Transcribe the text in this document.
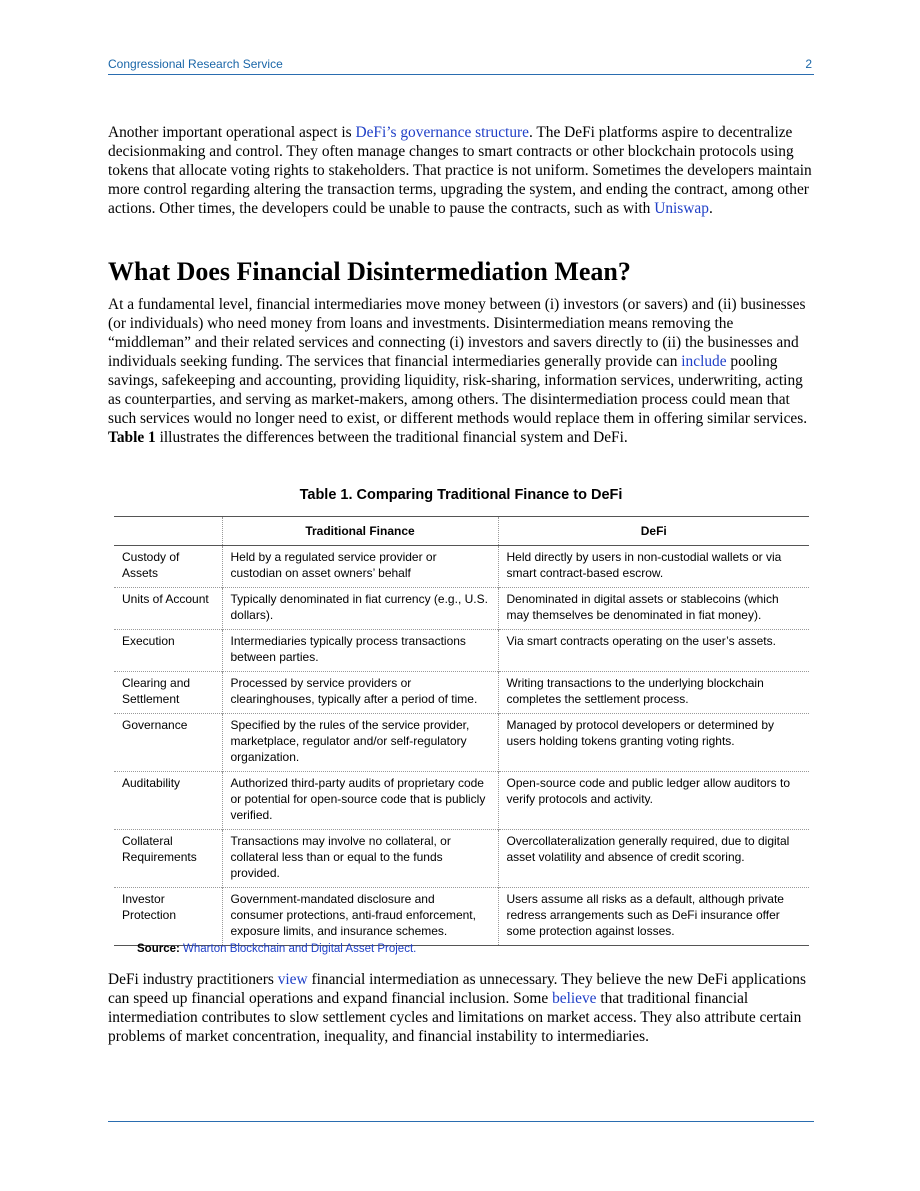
Congressional Research Service	2
Another important operational aspect is DeFi’s governance structure. The DeFi platforms aspire to decentralize decisionmaking and control. They often manage changes to smart contracts or other blockchain protocols using tokens that allocate voting rights to stakeholders. That practice is not uniform. Sometimes the developers maintain more control regarding altering the transaction terms, upgrading the system, and ending the contract, among other actions. Other times, the developers could be unable to pause the contracts, such as with Uniswap.
What Does Financial Disintermediation Mean?
At a fundamental level, financial intermediaries move money between (i) investors (or savers) and (ii) businesses (or individuals) who need money from loans and investments. Disintermediation means removing the “middleman” and their related services and connecting (i) investors and savers directly to (ii) the businesses and individuals seeking funding. The services that financial intermediaries generally provide can include pooling savings, safekeeping and accounting, providing liquidity, risk-sharing, information services, underwriting, acting as counterparties, and serving as market-makers, among others. The disintermediation process could mean that such services would no longer need to exist, or different methods would replace them in offering similar services. Table 1 illustrates the differences between the traditional financial system and DeFi.
Table 1. Comparing Traditional Finance to DeFi
	Traditional Finance	DeFi
Custody of Assets	Held by a regulated service provider or custodian on asset owners’ behalf	Held directly by users in non-custodial wallets or via smart contract-based escrow.
Units of Account	Typically denominated in fiat currency (e.g., U.S. dollars).	Denominated in digital assets or stablecoins (which may themselves be denominated in fiat money).
Execution	Intermediaries typically process transactions between parties.	Via smart contracts operating on the user’s assets.
Clearing and Settlement	Processed by service providers or clearinghouses, typically after a period of time.	Writing transactions to the underlying blockchain completes the settlement process.
Governance	Specified by the rules of the service provider, marketplace, regulator and/or self-regulatory organization.	Managed by protocol developers or determined by users holding tokens granting voting rights.
Auditability	Authorized third-party audits of proprietary code or potential for open-source code that is publicly verified.	Open-source code and public ledger allow auditors to verify protocols and activity.
Collateral Requirements	Transactions may involve no collateral, or collateral less than or equal to the funds provided.	Overcollateralization generally required, due to digital asset volatility and absence of credit scoring.
Investor Protection	Government-mandated disclosure and consumer protections, anti-fraud enforcement, exposure limits, and insurance schemes.	Users assume all risks as a default, although private redress arrangements such as DeFi insurance offer some protection against losses.
Source: Wharton Blockchain and Digital Asset Project.
DeFi industry practitioners view financial intermediation as unnecessary. They believe the new DeFi applications can speed up financial operations and expand financial inclusion. Some believe that traditional financial intermediation contributes to slow settlement cycles and limitations on market access. They also attribute certain problems of market concentration, inequality, and financial instability to intermediaries.
